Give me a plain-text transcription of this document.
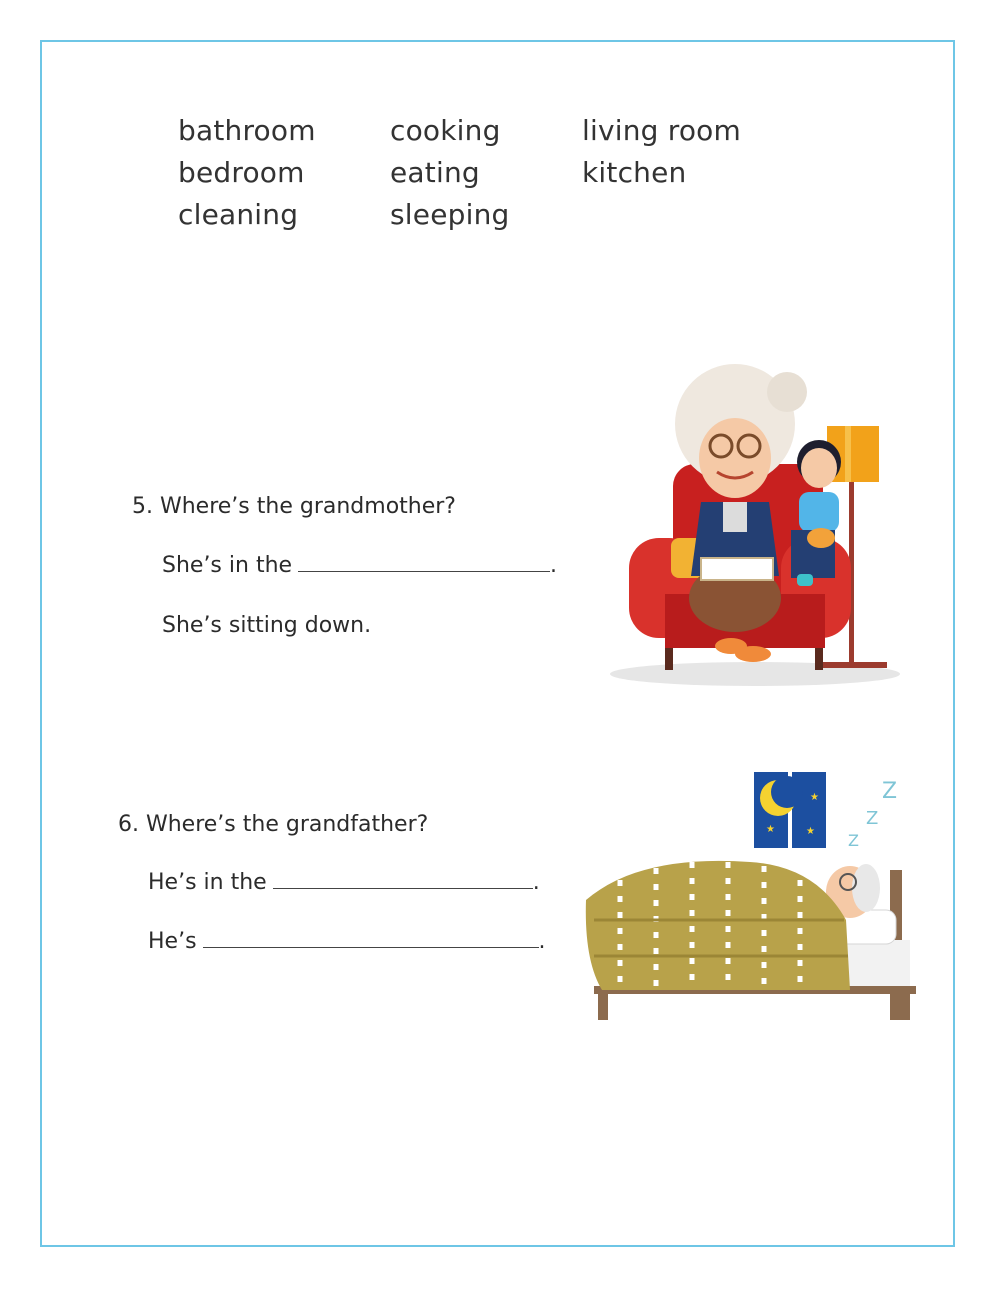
bathroom	cooking	living room
bedroom	eating	kitchen
cleaning	sleeping
5. Where’s the grandmother?
She’s in the	.
She’s sitting down.
6. Where’s the grandfather?
He’s in the	.
He’s	.
★
★	★
Z
Z
Z
